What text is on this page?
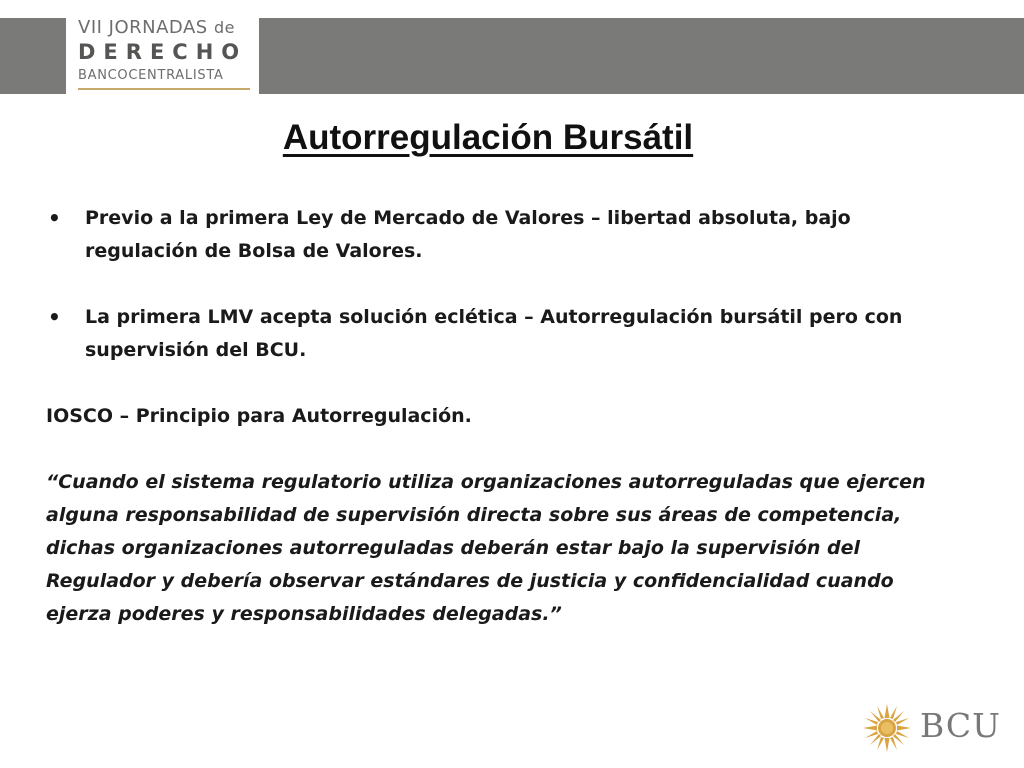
VII JORNADAS de
DERECHO
BANCOCENTRALISTA
Autorregulación Bursátil
• Previo a la primera Ley de Mercado de Valores – libertad absoluta, bajo regulación de Bolsa de Valores.
• La primera LMV acepta solución eclética – Autorregulación bursátil pero con supervisión del BCU.
IOSCO – Principio para Autorregulación.
“Cuando el sistema regulatorio utiliza organizaciones autorreguladas que ejercen alguna responsabilidad de supervisión directa sobre sus áreas de competencia, dichas organizaciones autorreguladas deberán estar bajo la supervisión del Regulador y debería observar estándares de justicia y confidencialidad cuando ejerza poderes y responsabilidades delegadas.”
BCU
